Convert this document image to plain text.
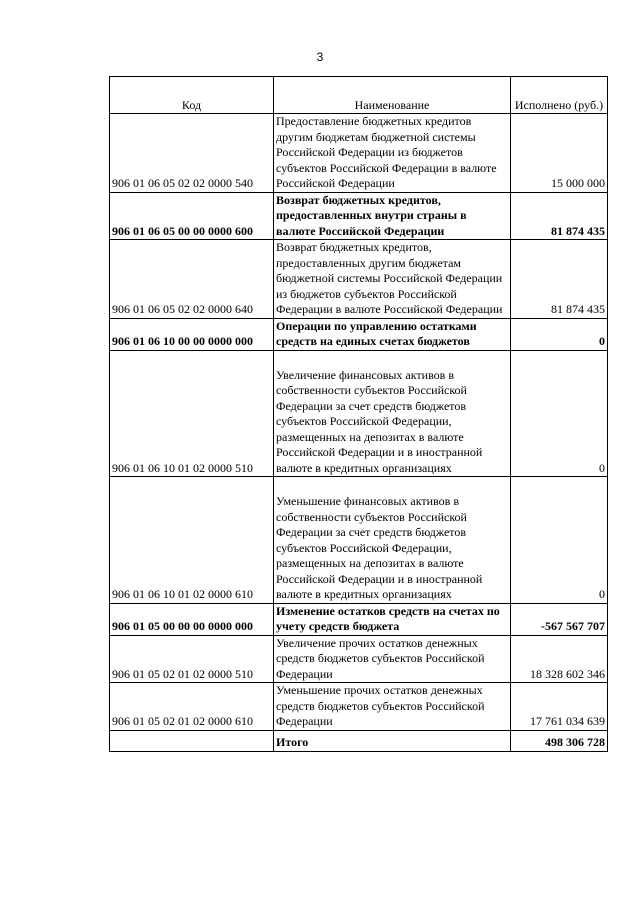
3
Код	Наименование	Исполнено (руб.)
906 01 06 05 02 02 0000 540	Предоставление бюджетных кредитов другим бюджетам бюджетной системы Российской Федерации из бюджетов субъектов Российской Федерации в валюте Российской Федерации	15 000 000
906 01 06 05 00 00 0000 600	Возврат бюджетных кредитов, предоставленных внутри страны в валюте Российской Федерации	81 874 435
906 01 06 05 02 02 0000 640	Возврат бюджетных кредитов, предоставленных другим бюджетам бюджетной системы Российской Федерации из бюджетов субъектов Российской Федерации в валюте Российской Федерации	81 874 435
906 01 06 10 00 00 0000 000	Операции по управлению остатками средств на единых счетах бюджетов	0
906 01 06 10 01 02 0000 510	Увеличение финансовых активов в собственности субъектов Российской Федерации за счет средств бюджетов субъектов Российской Федерации, размещенных на депозитах в валюте Российской Федерации и в иностранной валюте в кредитных организациях	0
906 01 06 10 01 02 0000 610	Уменьшение финансовых активов в собственности субъектов Российской Федерации за счет средств бюджетов субъектов Российской Федерации, размещенных на депозитах в валюте Российской Федерации и в иностранной валюте в кредитных организациях	0
906 01 05 00 00 00 0000 000	Изменение остатков средств на счетах по учету средств бюджета	-567 567 707
906 01 05 02 01 02 0000 510	Увеличение прочих остатков денежных средств бюджетов субъектов Российской Федерации	18 328 602 346
906 01 05 02 01 02 0000 610	Уменьшение прочих остатков денежных средств бюджетов субъектов Российской Федерации	17 761 034 639
	Итого	498 306 728
